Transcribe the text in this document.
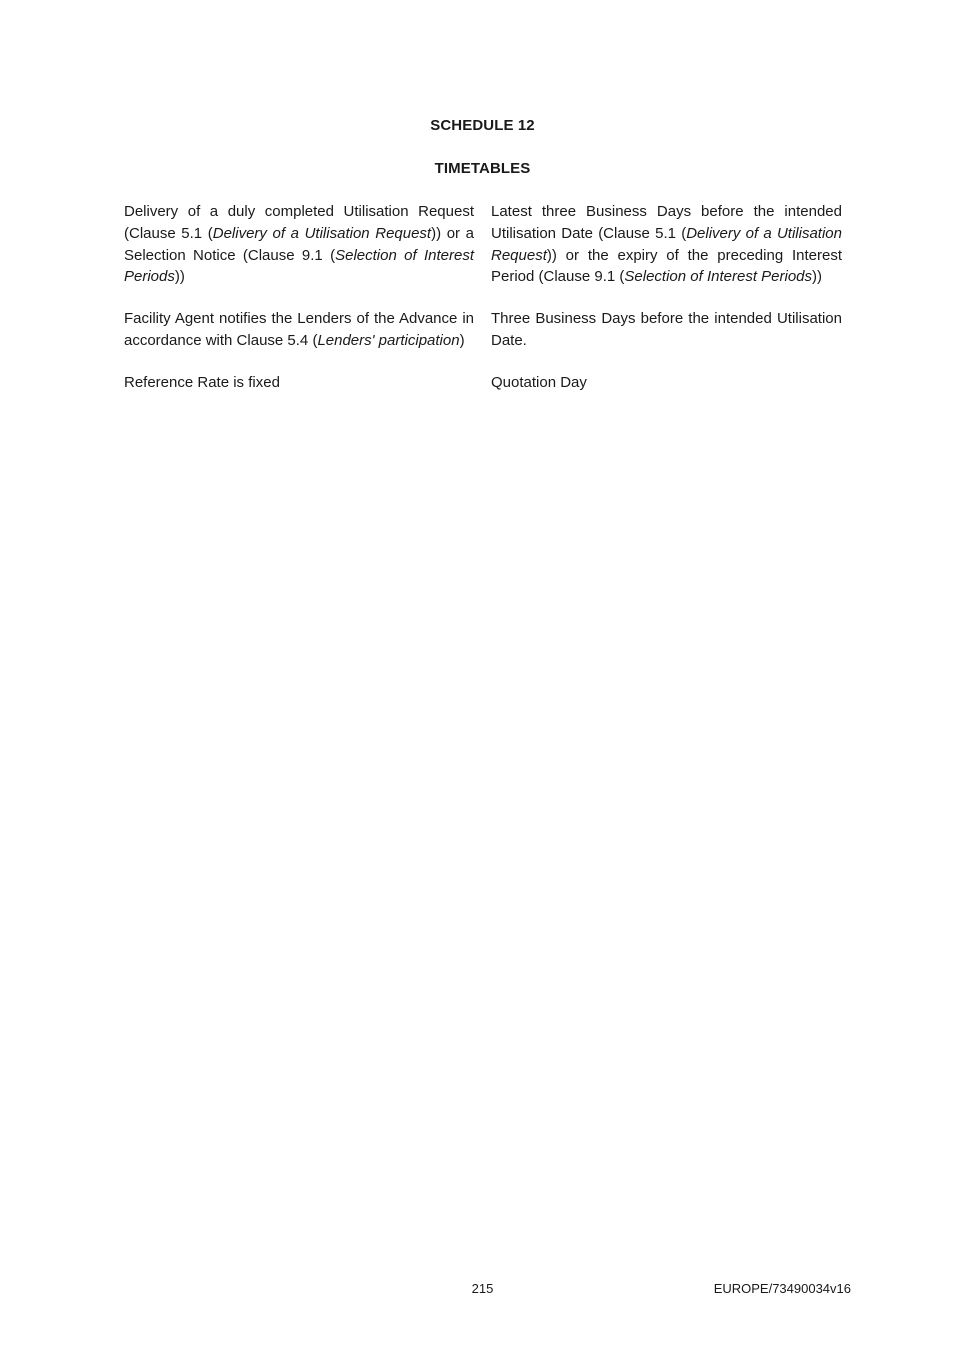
SCHEDULE 12
TIMETABLES
Delivery of a duly completed Utilisation Request (Clause 5.1 (Delivery of a Utilisation Request)) or a Selection Notice (Clause 9.1 (Selection of Interest Periods))
Latest three Business Days before the intended Utilisation Date (Clause 5.1 (Delivery of a Utilisation Request)) or the expiry of the preceding Interest Period (Clause 9.1 (Selection of Interest Periods))
Facility Agent notifies the Lenders of the Advance in accordance with Clause 5.4 (Lenders' participation)
Three Business Days before the intended Utilisation Date.
Reference Rate is fixed	Quotation Day
215	EUROPE/73490034v16
